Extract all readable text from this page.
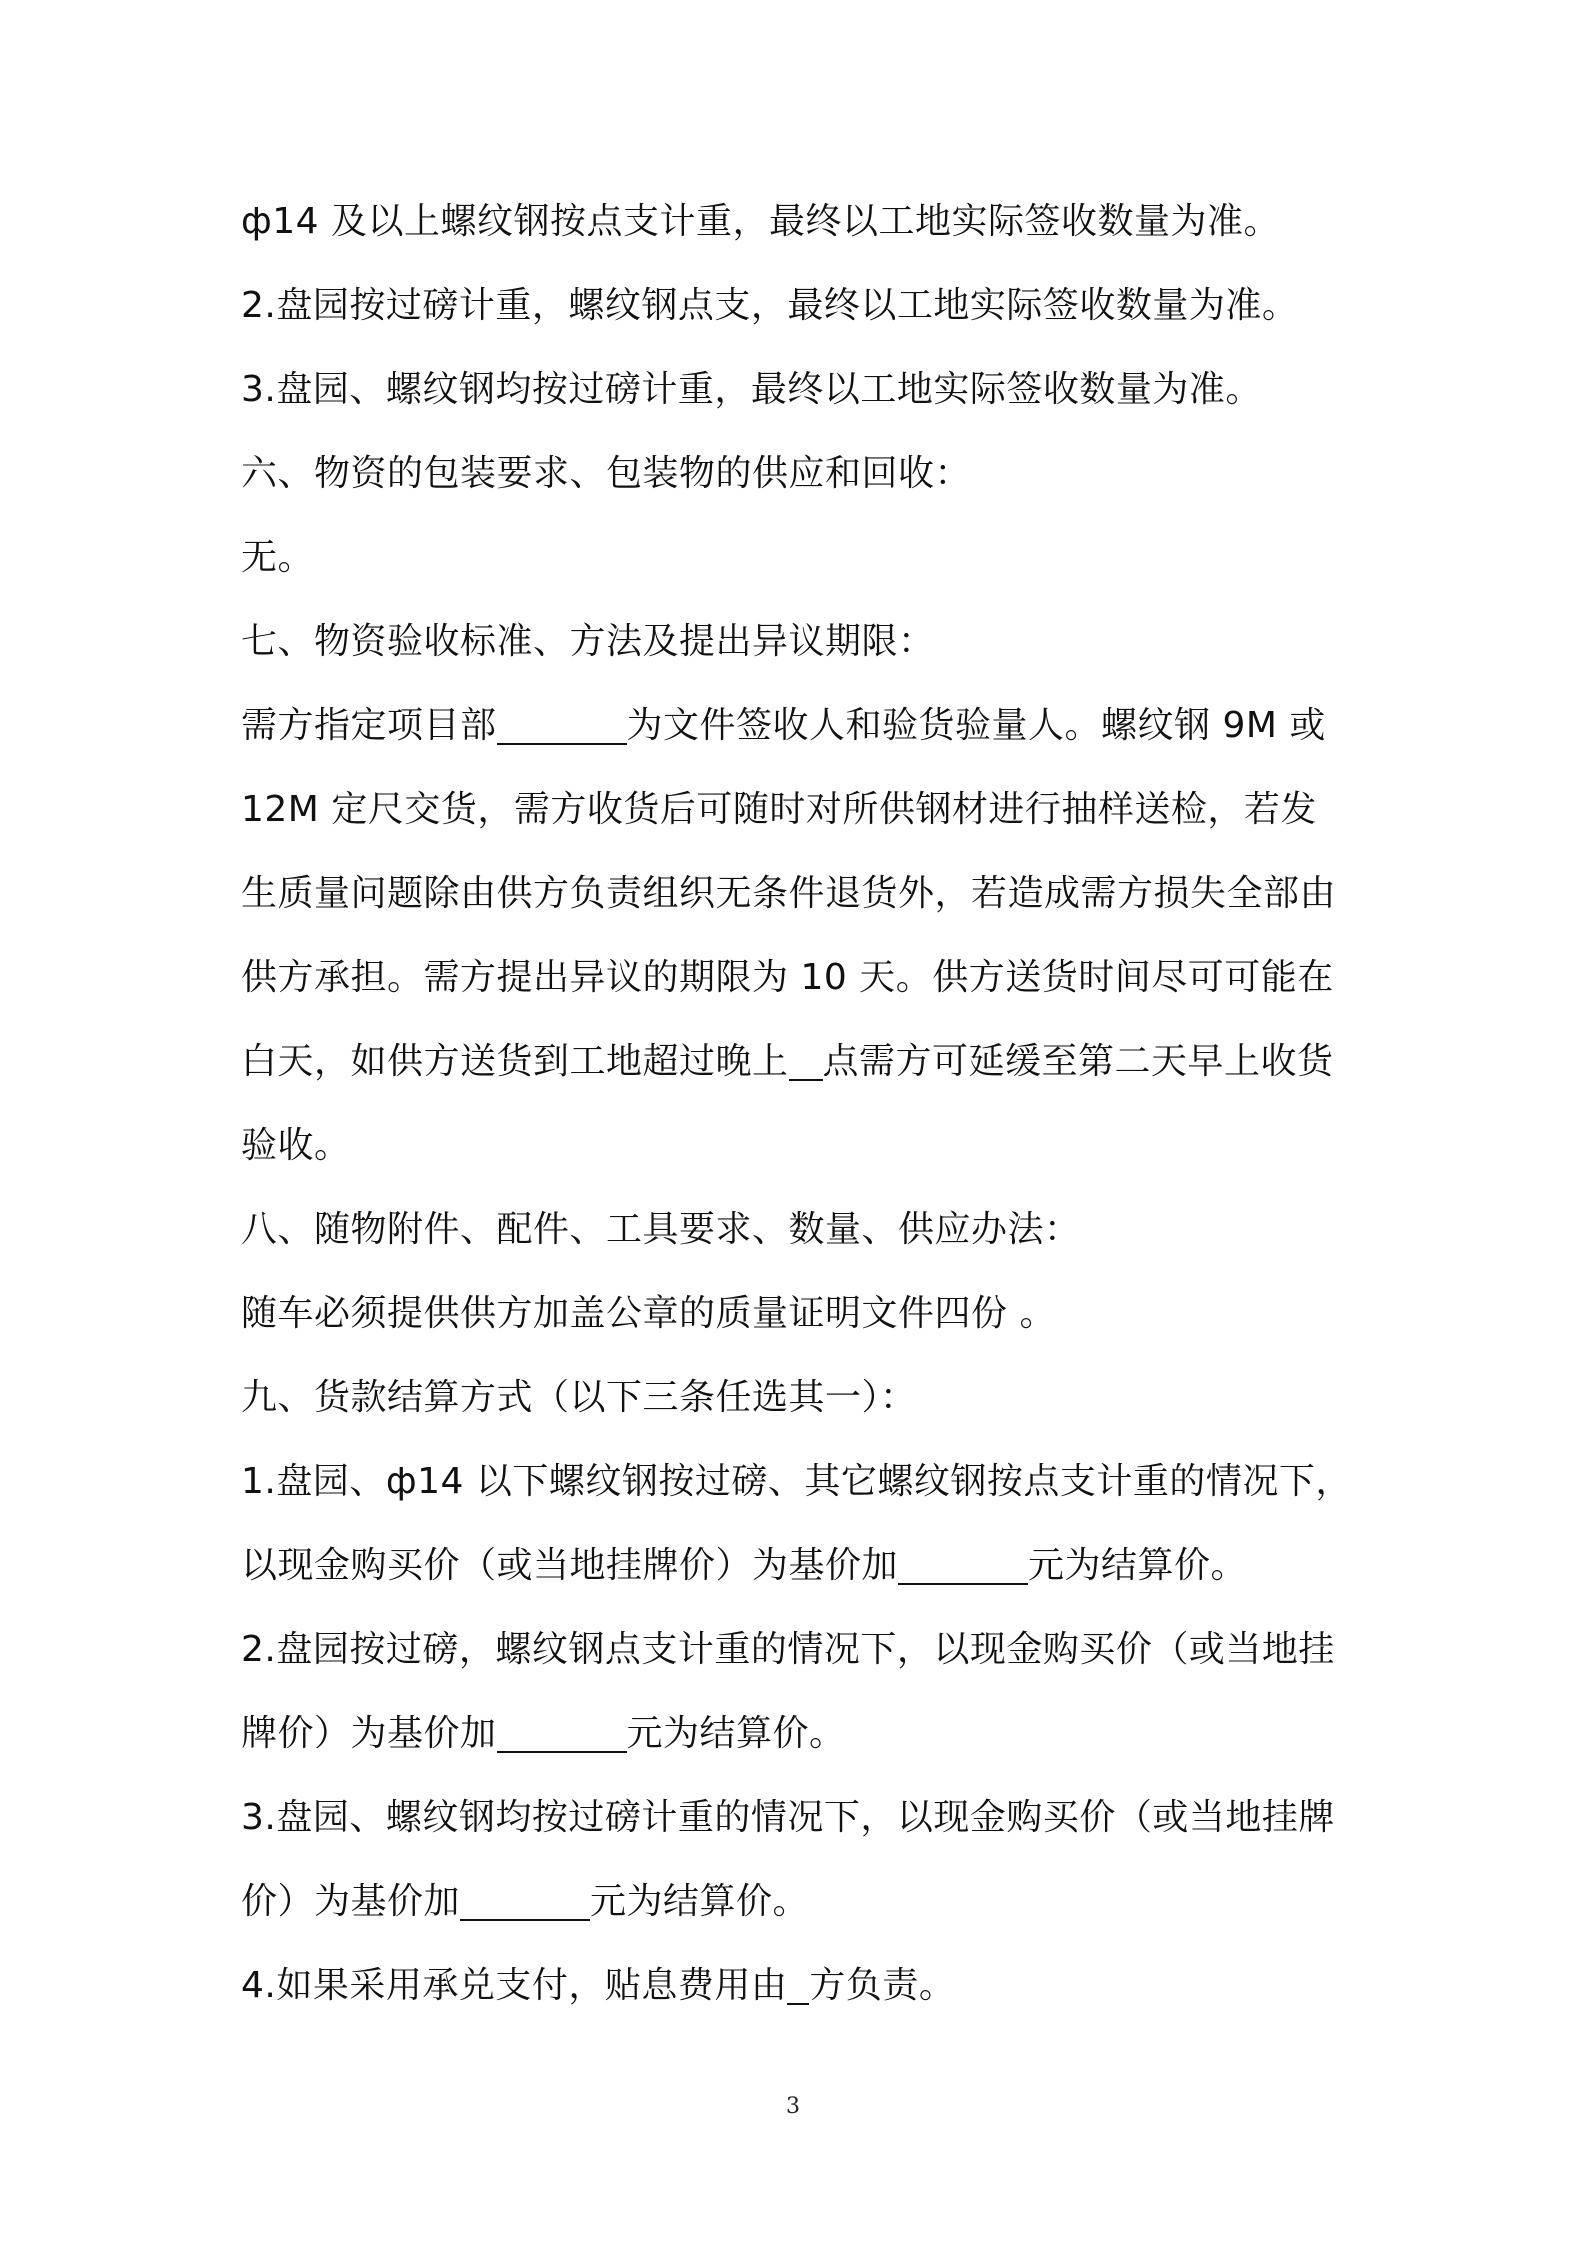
ф14 及以上螺纹钢按点支计重，最终以工地实际签收数量为准。
2.盘园按过磅计重，螺纹钢点支，最终以工地实际签收数量为准。
3.盘园、螺纹钢均按过磅计重，最终以工地实际签收数量为准。
六、物资的包装要求、包装物的供应和回收：
无。
七、物资验收标准、方法及提出异议期限：
需方指定项目部	为文件签收人和验货验量人。螺纹钢 9M 或
12M 定尺交货，需方收货后可随时对所供钢材进行抽样送检，若发
生质量问题除由供方负责组织无条件退货外，若造成需方损失全部由
供方承担。需方提出异议的期限为 10 天。供方送货时间尽可可能在
白天，如供方送货到工地超过晚上 点需方可延缓至第二天早上收货
验收。
八、随物附件、配件、工具要求、数量、供应办法：
随车必须提供供方加盖公章的质量证明文件四份 。
九、货款结算方式（以下三条任选其一）：
1.盘园、ф14 以下螺纹钢按过磅、其它螺纹钢按点支计重的情况下，
以现金购买价（或当地挂牌价）为基价加	元为结算价。
2.盘园按过磅，螺纹钢点支计重的情况下，以现金购买价（或当地挂
牌价）为基价加	元为结算价。
3.盘园、螺纹钢均按过磅计重的情况下，以现金购买价（或当地挂牌
价）为基价加	元为结算价。
4.如果采用承兑支付，贴息费用由 方负责。
3
